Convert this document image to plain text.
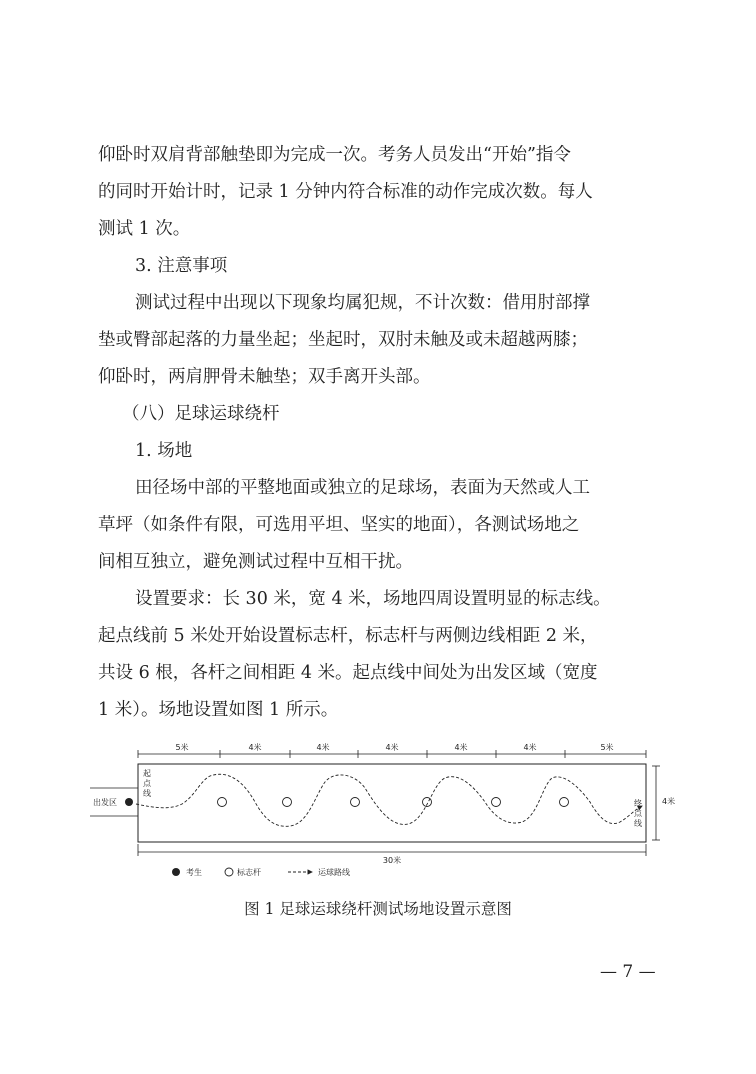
仰卧时双肩背部触垫即为完成一次。考务人员发出“开始”指令
的同时开始计时，记录 1 分钟内符合标准的动作完成次数。每人
测试 1 次。
3. 注意事项
测试过程中出现以下现象均属犯规，不计次数：借用肘部撑
垫或臀部起落的力量坐起；坐起时，双肘未触及或未超越两膝；
仰卧时，两肩胛骨未触垫；双手离开头部。
（八）足球运球绕杆
1. 场地
田径场中部的平整地面或独立的足球场，表面为天然或人工
草坪（如条件有限，可选用平坦、坚实的地面），各测试场地之
间相互独立，避免测试过程中互相干扰。
设置要求：长 30 米，宽 4 米，场地四周设置明显的标志线。
起点线前 5 米处开始设置标志杆，标志杆与两侧边线相距 2 米，
共设 6 根，各杆之间相距 4 米。起点线中间处为出发区域（宽度
1 米）。场地设置如图 1 所示。
5米	4米	4米	4米	4米	4米	5米
出发区
起
点
线
终
点
线
4米
30米
考生	标志杆	运球路线
图 1 足球运球绕杆测试场地设置示意图
— 7 —
